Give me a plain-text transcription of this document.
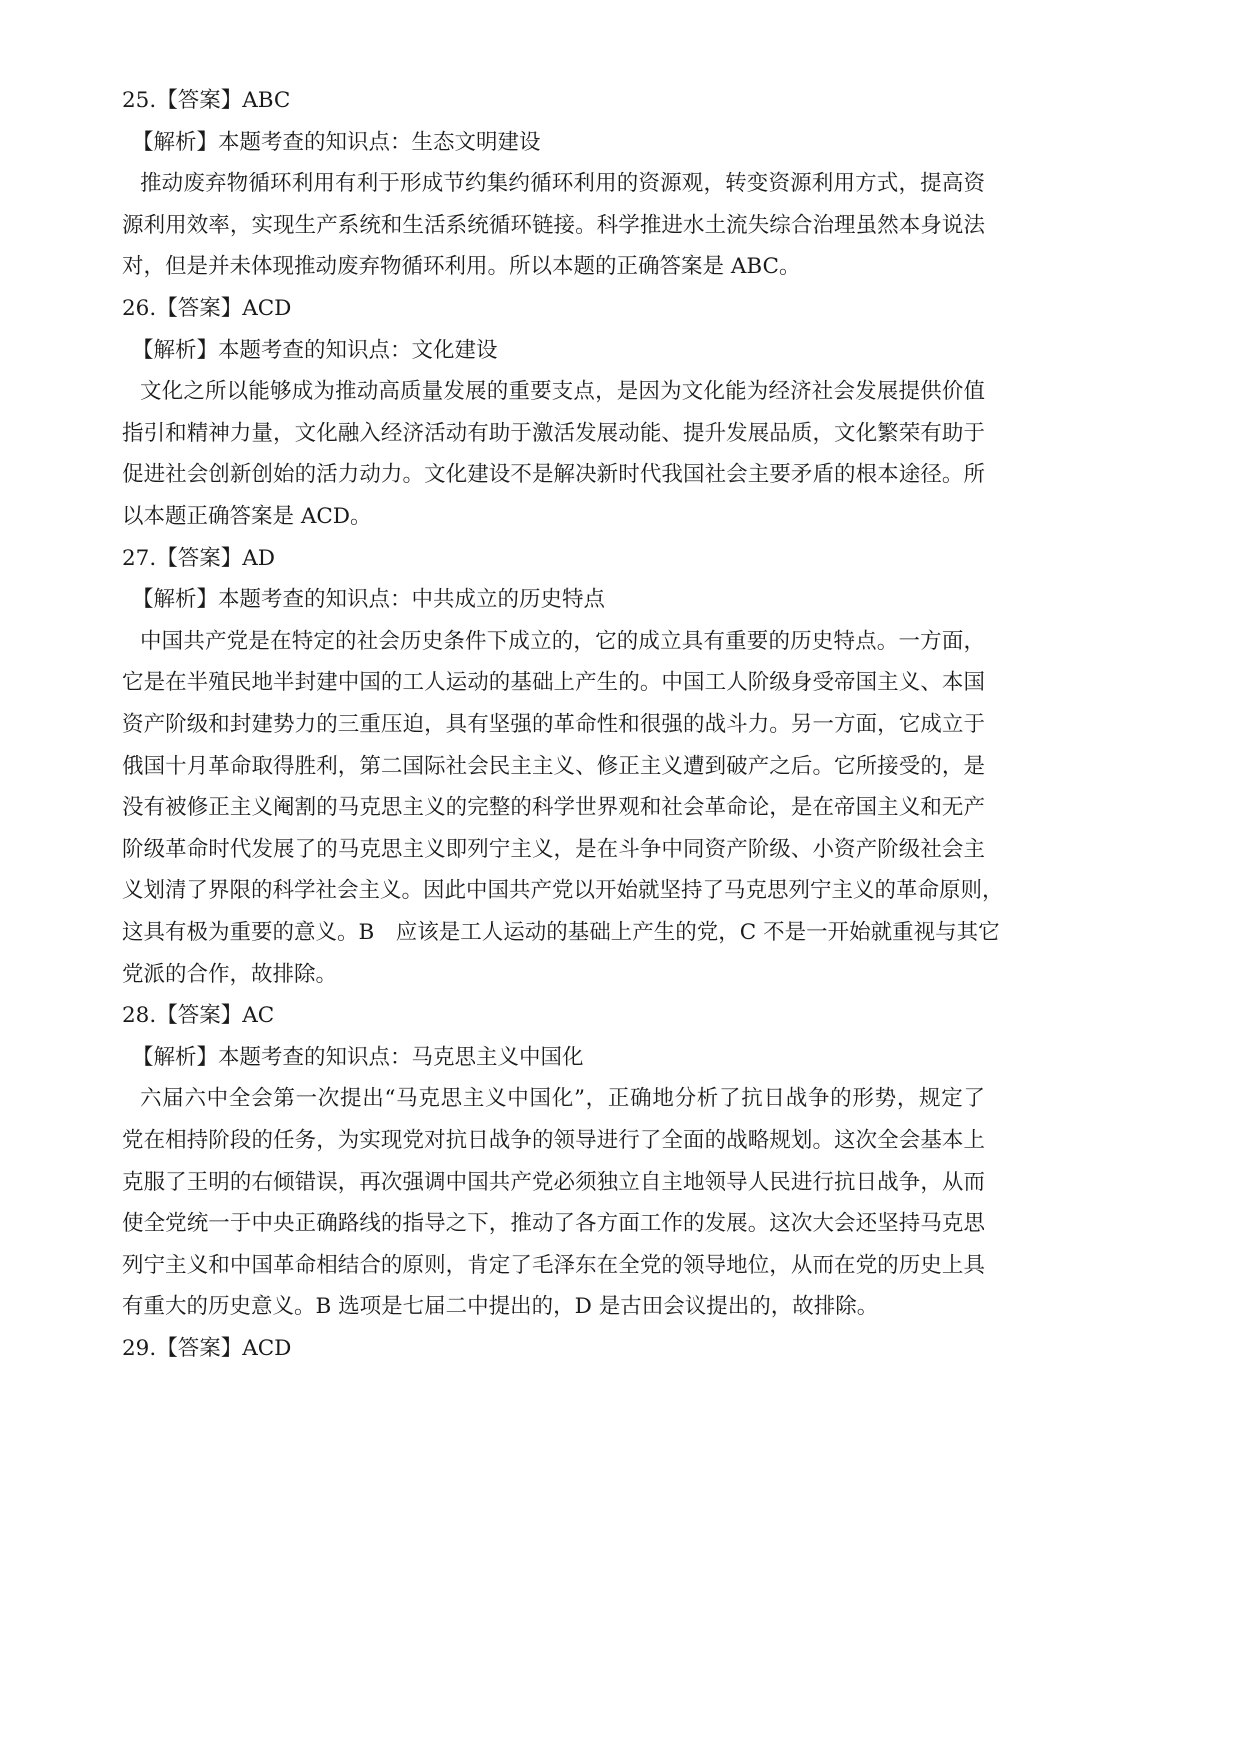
25.【答案】ABC
【解析】本题考查的知识点：生态文明建设
推动废弃物循环利用有利于形成节约集约循环利用的资源观，转变资源利用方式，提高资
源利用效率，实现生产系统和生活系统循环链接。科学推进水土流失综合治理虽然本身说法
对，但是并未体现推动废弃物循环利用。所以本题的正确答案是 ABC。
26.【答案】ACD
【解析】本题考查的知识点：文化建设
文化之所以能够成为推动高质量发展的重要支点，是因为文化能为经济社会发展提供价值
指引和精神力量，文化融入经济活动有助于激活发展动能、提升发展品质，文化繁荣有助于
促进社会创新创始的活力动力。文化建设不是解决新时代我国社会主要矛盾的根本途径。所
以本题正确答案是 ACD。
27.【答案】AD
【解析】本题考查的知识点：中共成立的历史特点
中国共产党是在特定的社会历史条件下成立的，它的成立具有重要的历史特点。一方面，
它是在半殖民地半封建中国的工人运动的基础上产生的。中国工人阶级身受帝国主义、本国
资产阶级和封建势力的三重压迫，具有坚强的革命性和很强的战斗力。另一方面，它成立于
俄国十月革命取得胜利，第二国际社会民主主义、修正主义遭到破产之后。它所接受的，是
没有被修正主义阉割的马克思主义的完整的科学世界观和社会革命论，是在帝国主义和无产
阶级革命时代发展了的马克思主义即列宁主义，是在斗争中同资产阶级、小资产阶级社会主
义划清了界限的科学社会主义。因此中国共产党以开始就坚持了马克思列宁主义的革命原则，
这具有极为重要的意义。B　应该是工人运动的基础上产生的党，C 不是一开始就重视与其它
党派的合作，故排除。
28.【答案】AC
【解析】本题考查的知识点：马克思主义中国化
六届六中全会第一次提出“马克思主义中国化”，正确地分析了抗日战争的形势，规定了
党在相持阶段的任务，为实现党对抗日战争的领导进行了全面的战略规划。这次全会基本上
克服了王明的右倾错误，再次强调中国共产党必须独立自主地领导人民进行抗日战争，从而
使全党统一于中央正确路线的指导之下，推动了各方面工作的发展。这次大会还坚持马克思
列宁主义和中国革命相结合的原则，肯定了毛泽东在全党的领导地位，从而在党的历史上具
有重大的历史意义。B 选项是七届二中提出的，D 是古田会议提出的，故排除。
29.【答案】ACD
